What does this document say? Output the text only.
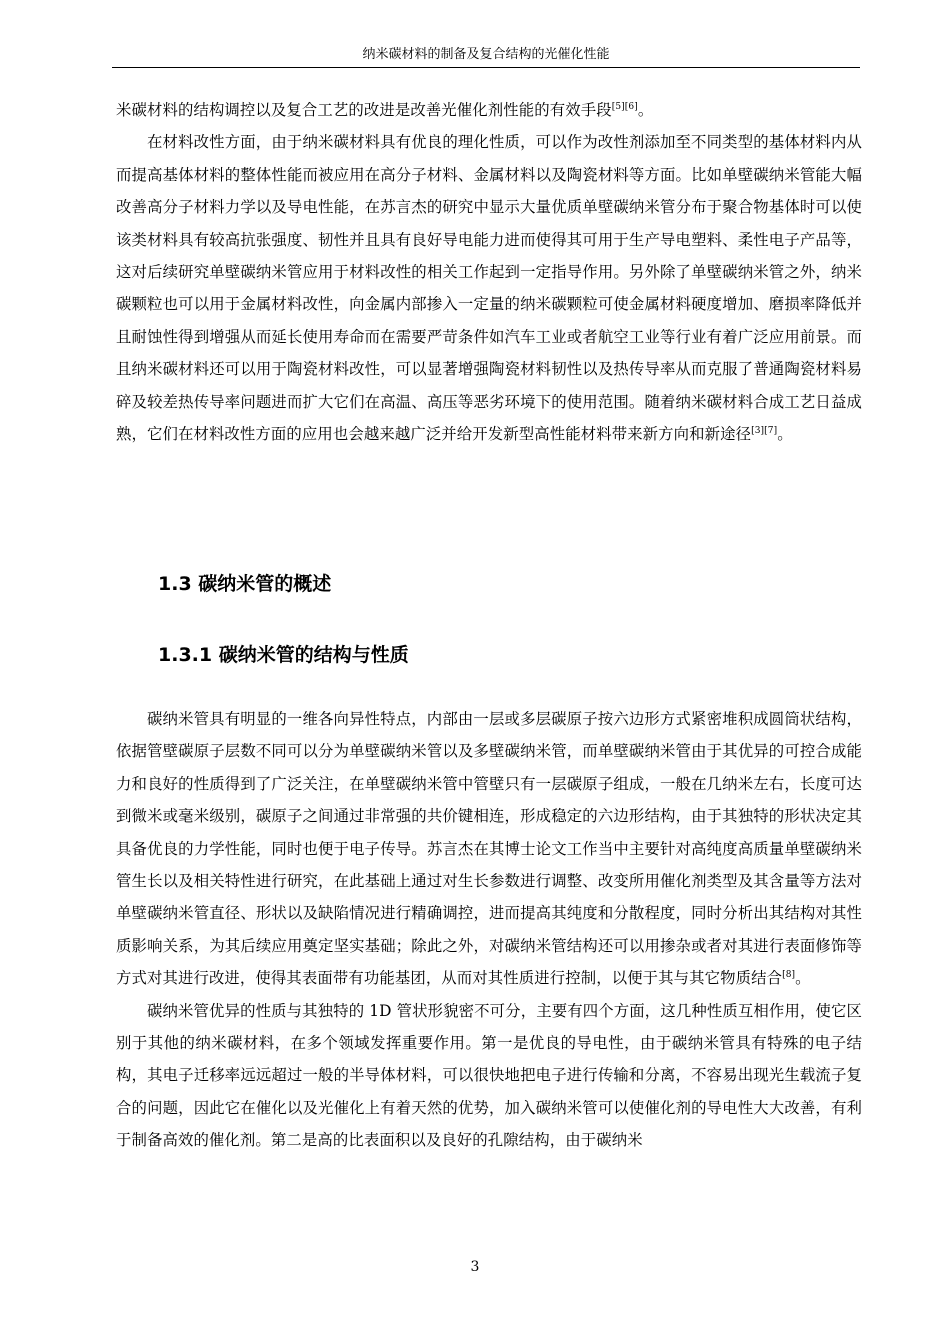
纳米碳材料的制备及复合结构的光催化性能

米碳材料的结构调控以及复合工艺的改进是改善光催化剂性能的有效手段[5][6]。

在材料改性方面，由于纳米碳材料具有优良的理化性质，可以作为改性剂添加至不同类型的基体材料内从而提高基体材料的整体性能而被应用在高分子材料、金属材料以及陶瓷材料等方面。比如单壁碳纳米管能大幅改善高分子材料力学以及导电性能，在苏言杰的研究中显示大量优质单壁碳纳米管分布于聚合物基体时可以使该类材料具有较高抗张强度、韧性并且具有良好导电能力进而使得其可用于生产导电塑料、柔性电子产品等，这对后续研究单壁碳纳米管应用于材料改性的相关工作起到一定指导作用。另外除了单壁碳纳米管之外，纳米碳颗粒也可以用于金属材料改性，向金属内部掺入一定量的纳米碳颗粒可使金属材料硬度增加、磨损率降低并且耐蚀性得到增强从而延长使用寿命而在需要严苛条件如汽车工业或者航空工业等行业有着广泛应用前景。而且纳米碳材料还可以用于陶瓷材料改性，可以显著增强陶瓷材料韧性以及热传导率从而克服了普通陶瓷材料易碎及较差热传导率问题进而扩大它们在高温、高压等恶劣环境下的使用范围。随着纳米碳材料合成工艺日益成熟，它们在材料改性方面的应用也会越来越广泛并给开发新型高性能材料带来新方向和新途径[3][7]。

1.3 碳纳米管的概述
1.3.1 碳纳米管的结构与性质

碳纳米管具有明显的一维各向异性特点，内部由一层或多层碳原子按六边形方式紧密堆积成圆筒状结构，依据管壁碳原子层数不同可以分为单壁碳纳米管以及多壁碳纳米管，而单壁碳纳米管由于其优异的可控合成能力和良好的性质得到了广泛关注，在单壁碳纳米管中管壁只有一层碳原子组成，一般在几纳米左右，长度可达到微米或毫米级别，碳原子之间通过非常强的共价键相连，形成稳定的六边形结构，由于其独特的形状决定其具备优良的力学性能，同时也便于电子传导。苏言杰在其博士论文工作当中主要针对高纯度高质量单壁碳纳米管生长以及相关特性进行研究，在此基础上通过对生长参数进行调整、改变所用催化剂类型及其含量等方法对单壁碳纳米管直径、形状以及缺陷情况进行精确调控，进而提高其纯度和分散程度，同时分析出其结构对其性质影响关系，为其后续应用奠定坚实基础；除此之外，对碳纳米管结构还可以用掺杂或者对其进行表面修饰等方式对其进行改进，使得其表面带有功能基团，从而对其性质进行控制，以便于其与其它物质结合[8]。

碳纳米管优异的性质与其独特的 1D 管状形貌密不可分，主要有四个方面，这几种性质互相作用，使它区别于其他的纳米碳材料，在多个领域发挥重要作用。第一是优良的导电性，由于碳纳米管具有特殊的电子结构，其电子迁移率远远超过一般的半导体材料，可以很快地把电子进行传输和分离，不容易出现光生载流子复合的问题，因此它在催化以及光催化上有着天然的优势，加入碳纳米管可以使催化剂的导电性大大改善，有利于制备高效的催化剂。第二是高的比表面积以及良好的孔隙结构，由于碳纳米

3
